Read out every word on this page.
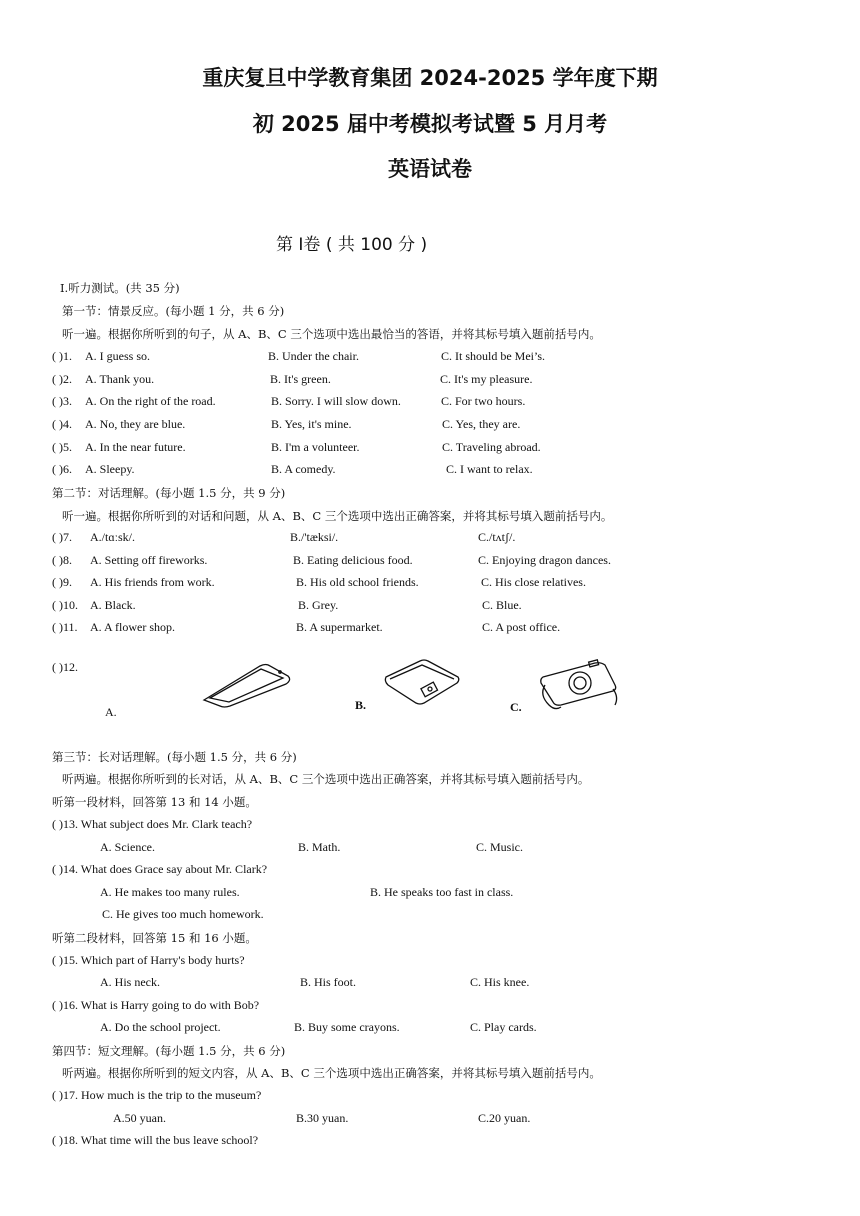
重庆复旦中学教育集团 2024-2025 学年度下期
初 2025 届中考模拟考试暨 5 月月考
英语试卷
第 Ⅰ卷 ( 共 100 分 )
Ⅰ.听力测试。(共 35 分)
第一节：情景反应。(每小题 1 分，共 6 分)
听一遍。根据你所听到的句子，从 A、B、C 三个选项中选出最恰当的答语，并将其标号填入题前括号内。
( )1. A. I guess so.	B. Under the chair.	C. It should be Mei’s.
( )2. A. Thank you.	B. It's green.	C. It's my pleasure.
( )3. A. On the right of the road.	B. Sorry. I will slow down.	C. For two hours.
( )4. A. No, they are blue.	B. Yes, it's mine.	C. Yes, they are.
( )5. A. In the near future.	B. I'm a volunteer.	C. Traveling abroad.
( )6. A. Sleepy.	B. A comedy.	C. I want to relax.
第二节：对话理解。(每小题 1.5 分，共 9 分)
听一遍。根据你所听到的对话和问题，从 A、B、C 三个选项中选出正确答案，并将其标号填入题前括号内。
( )7. A./tɑːsk/.	B./'tæksi/.	C./tʌtʃ/.
( )8. A. Setting off fireworks.	B. Eating delicious food.	C. Enjoying dragon dances.
( )9. A. His friends from work.	B. His old school friends.	C. His close relatives.
( )10. A. Black.	B. Grey.	C. Blue.
( )11. A. A flower shop.	B. A supermarket.	C. A post office.
( )12.
A.	B.	C.
第三节：长对话理解。(每小题 1.5 分，共 6 分)
听两遍。根据你所听到的长对话，从 A、B、C 三个选项中选出正确答案，并将其标号填入题前括号内。
听第一段材料，回答第 13 和 14 小题。
( )13. What subject does Mr. Clark teach?
A. Science.	B. Math.	C. Music.
( )14. What does Grace say about Mr. Clark?
A. He makes too many rules.	B. He speaks too fast in class.
C. He gives too much homework.
听第二段材料，回答第 15 和 16 小题。
( )15. Which part of Harry's body hurts?
A. His neck.	B. His foot.	C. His knee.
( )16. What is Harry going to do with Bob?
A. Do the school project.	B. Buy some crayons.	C. Play cards.
第四节：短文理解。(每小题 1.5 分，共 6 分)
听两遍。根据你所听到的短文内容，从 A、B、C 三个选项中选出正确答案，并将其标号填入题前括号内。
( )17. How much is the trip to the museum?
A.50 yuan.	B.30 yuan.	C.20 yuan.
( )18. What time will the bus leave school?
